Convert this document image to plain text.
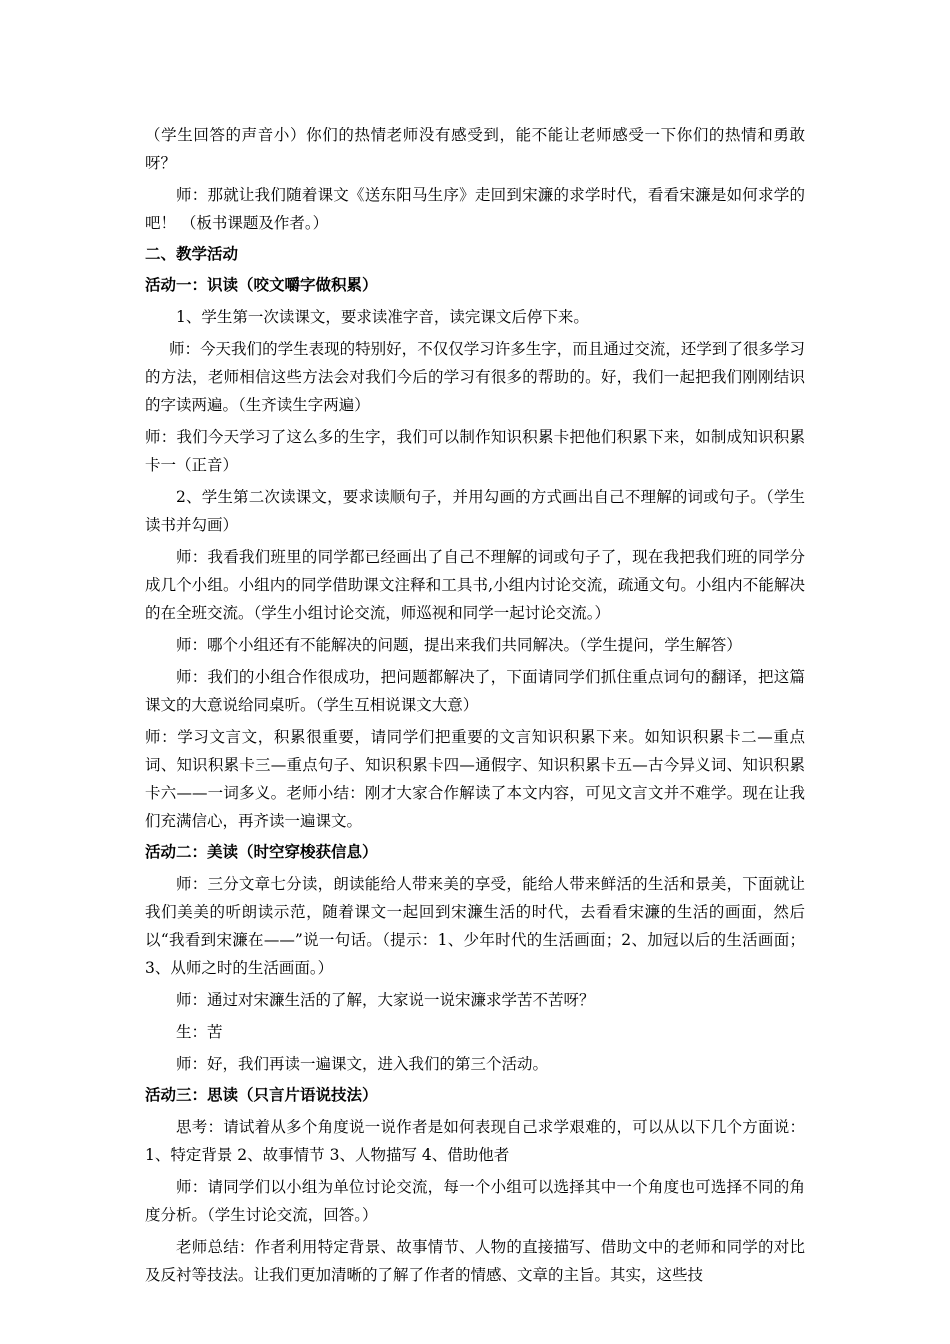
（学生回答的声音小）你们的热情老师没有感受到，能不能让老师感受一下你们的热情和勇敢呀？

师：那就让我们随着课文《送东阳马生序》走回到宋濂的求学时代，看看宋濂是如何求学的吧！ （板书课题及作者。）

二、教学活动

活动一：识读（咬文嚼字做积累）

1、学生第一次读课文，要求读准字音，读完课文后停下来。

师：今天我们的学生表现的特别好，不仅仅学习许多生字，而且通过交流，还学到了很多学习的方法，老师相信这些方法会对我们今后的学习有很多的帮助的。好，我们一起把我们刚刚结识的字读两遍。（生齐读生字两遍）

师：我们今天学习了这么多的生字，我们可以制作知识积累卡把他们积累下来，如制成知识积累卡一（正音）

2、学生第二次读课文，要求读顺句子，并用勾画的方式画出自己不理解的词或句子。（学生读书并勾画）

师：我看我们班里的同学都已经画出了自己不理解的词或句子了，现在我把我们班的同学分成几个小组。小组内的同学借助课文注释和工具书,小组内讨论交流，疏通文句。小组内不能解决的在全班交流。（学生小组讨论交流，师巡视和同学一起讨论交流。）

师：哪个小组还有不能解决的问题，提出来我们共同解决。（学生提问，学生解答）

师：我们的小组合作很成功，把问题都解决了，下面请同学们抓住重点词句的翻译，把这篇课文的大意说给同桌听。（学生互相说课文大意）

师：学习文言文，积累很重要，请同学们把重要的文言知识积累下来。如知识积累卡二—重点词、知识积累卡三—重点句子、知识积累卡四—通假字、知识积累卡五—古今异义词、知识积累卡六——一词多义。老师小结：刚才大家合作解读了本文内容，可见文言文并不难学。现在让我们充满信心，再齐读一遍课文。

活动二：美读（时空穿梭获信息）

师：三分文章七分读，朗读能给人带来美的享受，能给人带来鲜活的生活和景美，下面就让我们美美的听朗读示范，随着课文一起回到宋濂生活的时代，去看看宋濂的生活的画面，然后以“我看到宋濂在——”说一句话。（提示：1、少年时代的生活画面；2、加冠以后的生活画面；3、从师之时的生活画面。）

师：通过对宋濂生活的了解，大家说一说宋濂求学苦不苦呀？

生：苦

师：好，我们再读一遍课文，进入我们的第三个活动。

活动三：思读（只言片语说技法）

思考：请试着从多个角度说一说作者是如何表现自己求学艰难的，可以从以下几个方面说： 1、特定背景 2、故事情节 3、人物描写 4、借助他者

师：请同学们以小组为单位讨论交流，每一个小组可以选择其中一个角度也可选择不同的角度分析。（学生讨论交流，回答。）

老师总结：作者利用特定背景、故事情节、人物的直接描写、借助文中的老师和同学的对比及反衬等技法。让我们更加清晰的了解了作者的情感、文章的主旨。其实，这些技
